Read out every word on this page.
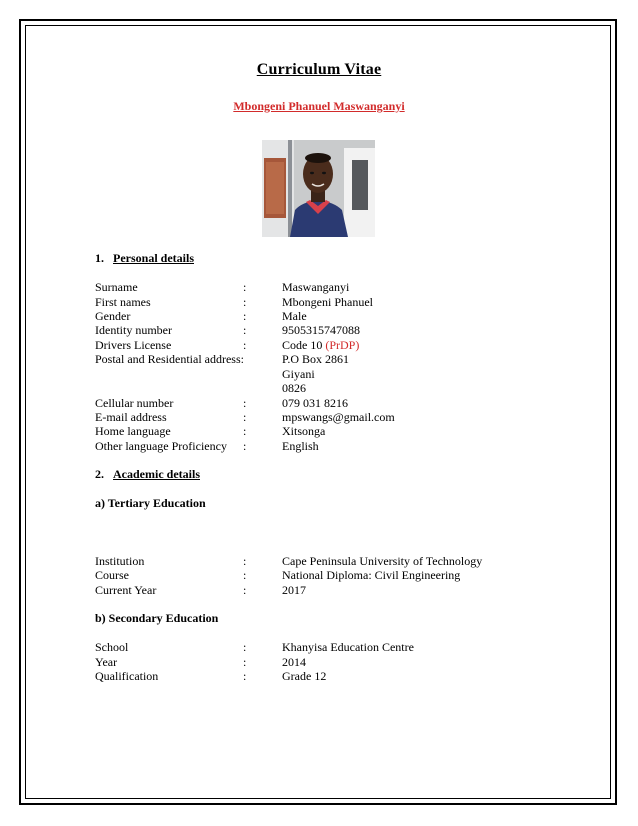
Curriculum Vitae
Mbongeni Phanuel Maswanganyi
1. Personal details
Surname	:	Maswanganyi
First names	:	Mbongeni Phanuel
Gender	:	Male
Identity number	:	9505315747088
Drivers License	:	Code 10 (PrDP)
Postal and Residential address:	P.O Box 2861
Giyani
0826
Cellular number	:	079 031 8216
E-mail address	:	mpswangs@gmail.com
Home language	:	Xitsonga
Other language Proficiency :	English
2. Academic details
a) Tertiary Education
Institution	:	Cape Peninsula University of Technology
Course	:	National Diploma: Civil Engineering
Current Year	:	2017
b) Secondary Education
School	:	Khanyisa Education Centre
Year	:	2014
Qualification	:	Grade 12
